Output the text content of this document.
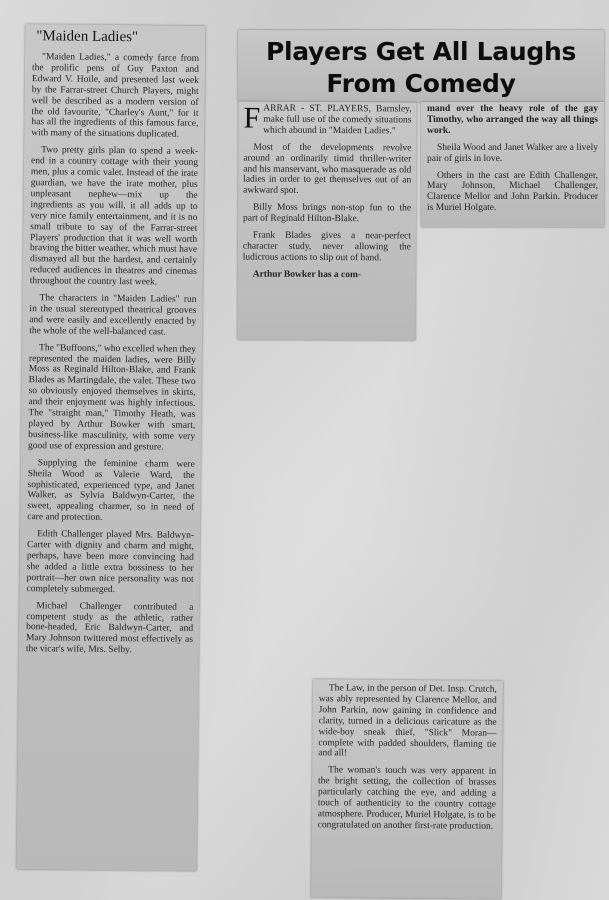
"Maiden Ladies"

"Maiden Ladies," a comedy farce from the prolific pens of Guy Paxton and Edward V. Hoile, and presented last week by the Farrar-street Church Players, might well be described as a modern version of the old favourite, "Charley's Aunt," for it has all the ingredients of this famous farce, with many of the situations duplicated.

Two pretty girls plan to spend a week-end in a country cottage with their young men, plus a comic valet. Instead of the irate guardian, we have the irate mother, plus unpleasant nephew—mix up the ingredients as you will, it all adds up to very nice family entertainment, and it is no small tribute to say of the Farrar-street Players' production that it was well worth braving the bitter weather, which must have dismayed all but the hardest, and certainly reduced audiences in theatres and cinemas throughout the country last week.

The characters in "Maiden Ladies" run in the usual stereotyped theatrical grooves and were easily and excellently enacted by the whole of the well-balanced cast.

The "Buffoons," who excelled when they represented the maiden ladies, were Billy Moss as Reginald Hilton-Blake, and Frank Blades as Martingdale, the valet. These two so obviously enjoyed themselves in skirts, and their enjoyment was highly infectious. The "straight man," Timothy Heath, was played by Arthur Bowker with smart, business-like masculinity, with some very good use of expression and gesture.

Supplying the feminine charm were Sheila Wood as Valerie Ward, the sophisticated, experienced type, and Janet Walker, as Sylvia Baldwyn-Carter, the sweet, appealing charmer, so in need of care and protection.

Edith Challenger played Mrs. Baldwyn-Carter with dignity and charm and might, perhaps, have been more convincing had she added a little extra bossiness to her portrait—her own nice personality was not completely submerged.

Michael Challenger contributed a competent study as the athletic, rather bone-headed, Eric Baldwyn-Carter, and Mary Johnson twittered most effectively as the vicar's wife, Mrs. Selby.

Players Get All Laughs
From Comedy

FARRAR - ST. PLAYERS, Barnsley, make full use of the comedy situations which abound in "Maiden Ladies."

Most of the developments revolve around an ordinarily timid thriller-writer and his manservant, who masquerade as old ladies in order to get themselves out of an awkward spot.

Billy Moss brings non-stop fun to the part of Reginald Hilton-Blake.

Frank Blades gives a near-perfect character study, never allowing the ludicrous actions to slip out of hand.

Arthur Bowker has a com-

mand over the heavy role of the gay Timothy, who arranged the way all things work.

Sheila Wood and Janet Walker are a lively pair of girls in love.

Others in the cast are Edith Challenger, Mary Johnson, Michael Challenger, Clarence Mellor and John Parkin. Producer is Muriel Holgate.

The Law, in the person of Det. Insp. Crutch, was ably represented by Clarence Mellor, and John Parkin, now gaining in confidence and clarity, turned in a delicious caricature as the wide-boy sneak thief, "Slick" Moran—complete with padded shoulders, flaming tie and all!

The woman's touch was very apparent in the bright setting, the collection of brasses particularly catching the eye, and adding a touch of authenticity to the country cottage atmosphere. Producer, Muriel Holgate, is to be congratulated on another first-rate production.
